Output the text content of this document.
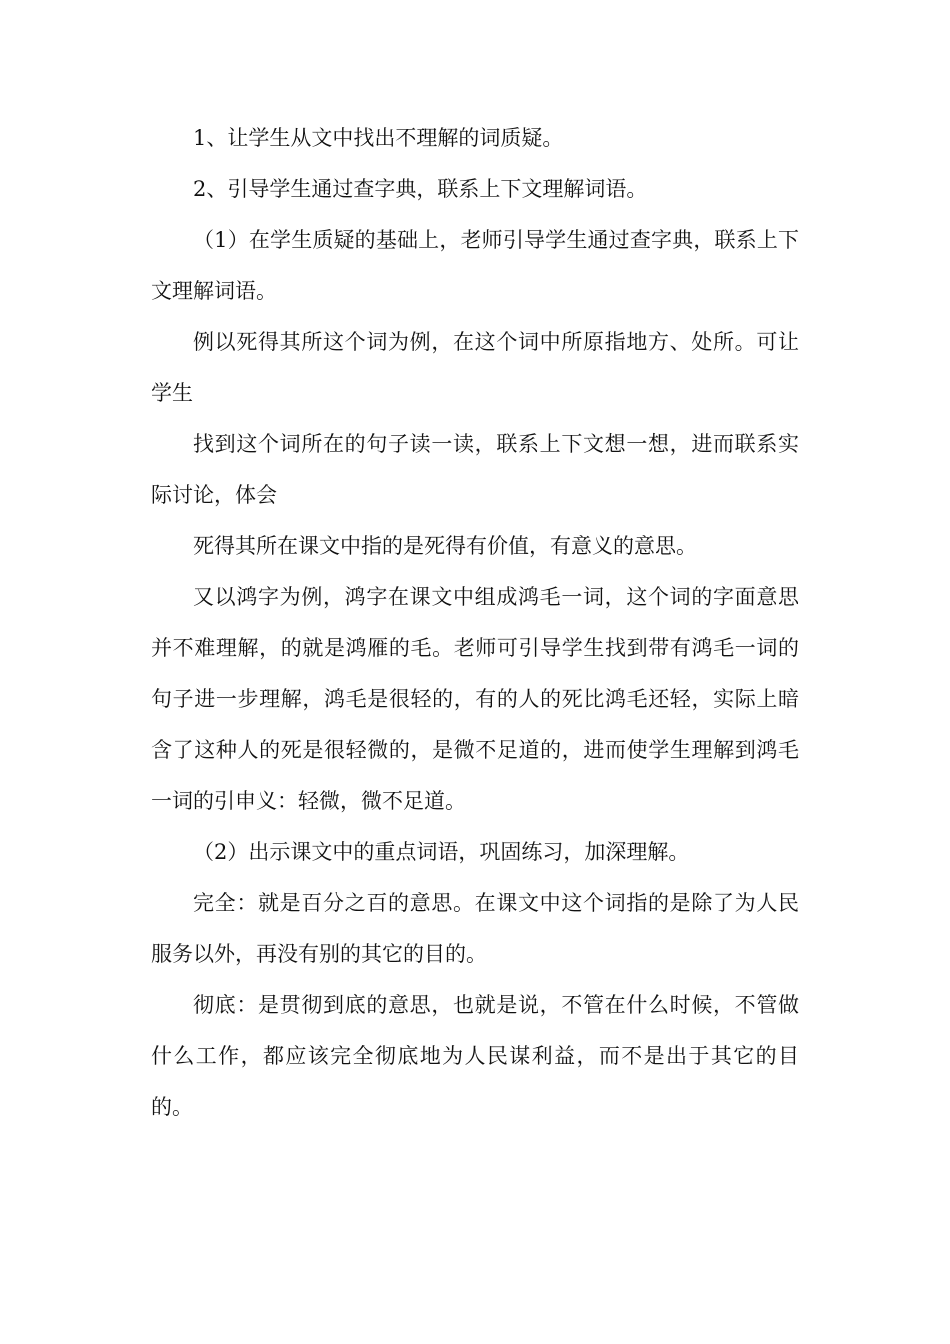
1、让学生从文中找出不理解的词质疑。

2、引导学生通过查字典，联系上下文理解词语。

（1）在学生质疑的基础上，老师引导学生通过查字典，联系上下文理解词语。

例以死得其所这个词为例，在这个词中所原指地方、处所。可让学生

找到这个词所在的句子读一读，联系上下文想一想，进而联系实际讨论，体会

死得其所在课文中指的是死得有价值，有意义的意思。

又以鸿字为例，鸿字在课文中组成鸿毛一词，这个词的字面意思并不难理解，的就是鸿雁的毛。老师可引导学生找到带有鸿毛一词的句子进一步理解，鸿毛是很轻的，有的人的死比鸿毛还轻，实际上暗含了这种人的死是很轻微的，是微不足道的，进而使学生理解到鸿毛一词的引申义：轻微，微不足道。

（2）出示课文中的重点词语，巩固练习，加深理解。

完全：就是百分之百的意思。在课文中这个词指的是除了为人民服务以外，再没有别的其它的目的。

彻底：是贯彻到底的意思，也就是说，不管在什么时候，不管做什么工作，都应该完全彻底地为人民谋利益，而不是出于其它的目的。
